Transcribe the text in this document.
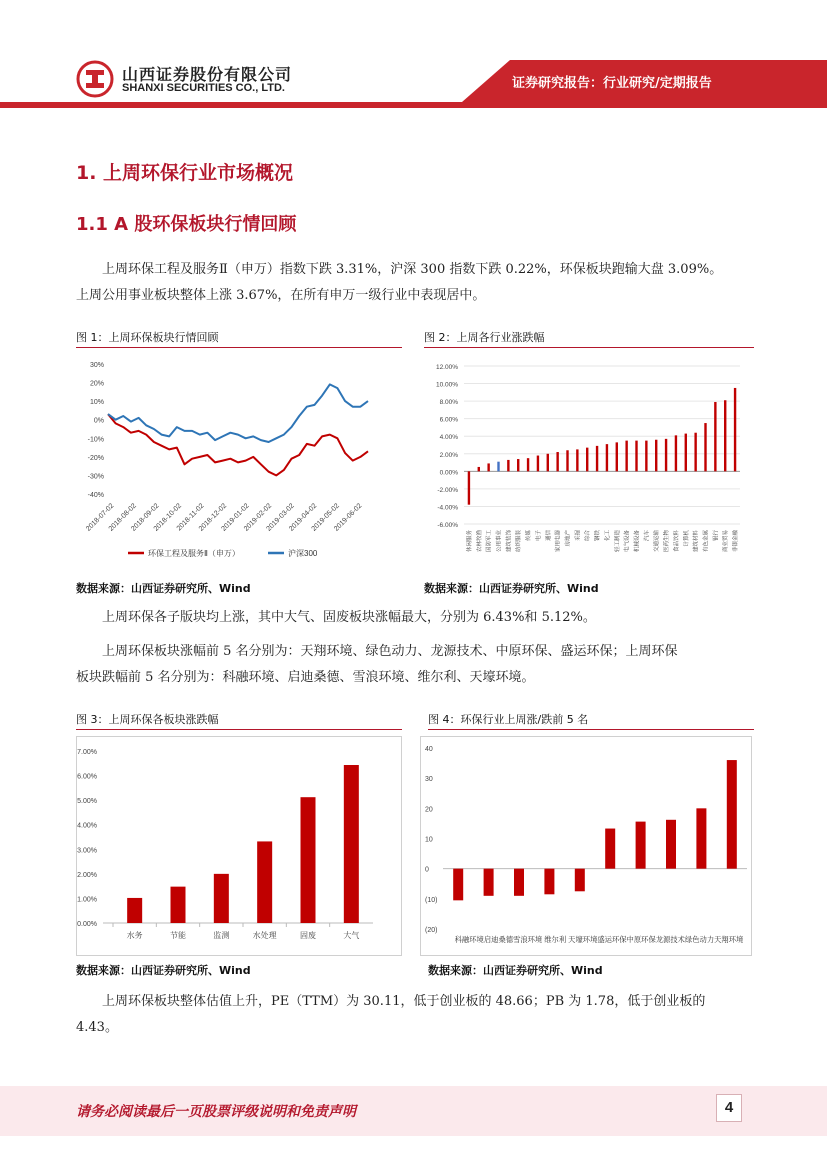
山西证券股份有限公司
SHANXI SECURITIES CO., LTD.	证券研究报告：行业研究/定期报告
1. 上周环保行业市场概况
1.1 A 股环保板块行情回顾
上周环保工程及服务Ⅱ（申万）指数下跌 3.31%，沪深 300 指数下跌 0.22%，环保板块跑输大盘 3.09%。
上周公用事业板块整体上涨 3.67%，在所有申万一级行业中表现居中。
图 1：上周环保板块行情回顾
30%
20%
10%
0%
-10%
-20%
-30%
-40%
2018-07-02
2018-08-02
2018-09-02
2018-10-02
2018-11-02
2018-12-02
2019-01-02
2019-02-02
2019-03-02
2019-04-02
2019-05-02
2019-06-02
环保工程及服务Ⅱ（申万）	沪深300
数据来源：山西证券研究所、Wind
图 2：上周各行业涨跌幅
12.00%
10.00%
8.00%
6.00%
4.00%
2.00%
0.00%
-2.00%
-4.00%
-6.00%
休闲服务 农林牧渔 国防军工 公用事业 建筑装饰 纺织服装 传媒 电子 通信 家用电器 房地产 采掘 综合 钢铁 化工 轻工制造 电气设备 机械设备 汽车 交通运输 医药生物 食品饮料 计算机 建筑材料 有色金属 银行 商业贸易 非银金融
数据来源：山西证券研究所、Wind
上周环保各子版块均上涨，其中大气、固废板块涨幅最大，分别为 6.43%和 5.12%。
上周环保板块涨幅前 5 名分别为：天翔环境、绿色动力、龙源技术、中原环保、盛运环保；上周环保
板块跌幅前 5 名分别为：科融环境、启迪桑德、雪浪环境、维尔利、天壕环境。
图 3：上周环保各板块涨跌幅
7.00%
6.00%
5.00%
4.00%
3.00%
2.00%
1.00%
0.00%
水务	节能	监测	水处理	固废	大气
数据来源：山西证券研究所、Wind
图 4：环保行业上周涨/跌前 5 名
40
30
20
10
0
(10)
(20)
科融环境启迪桑德雪浪环境 维尔利 天壕环境盛运环保中原环保龙源技术绿色动力天翔环境
数据来源：山西证券研究所、Wind
上周环保板块整体估值上升，PE（TTM）为 30.11，低于创业板的 48.66；PB 为 1.78，低于创业板的
4.43。
请务必阅读最后一页股票评级说明和免责声明	4
